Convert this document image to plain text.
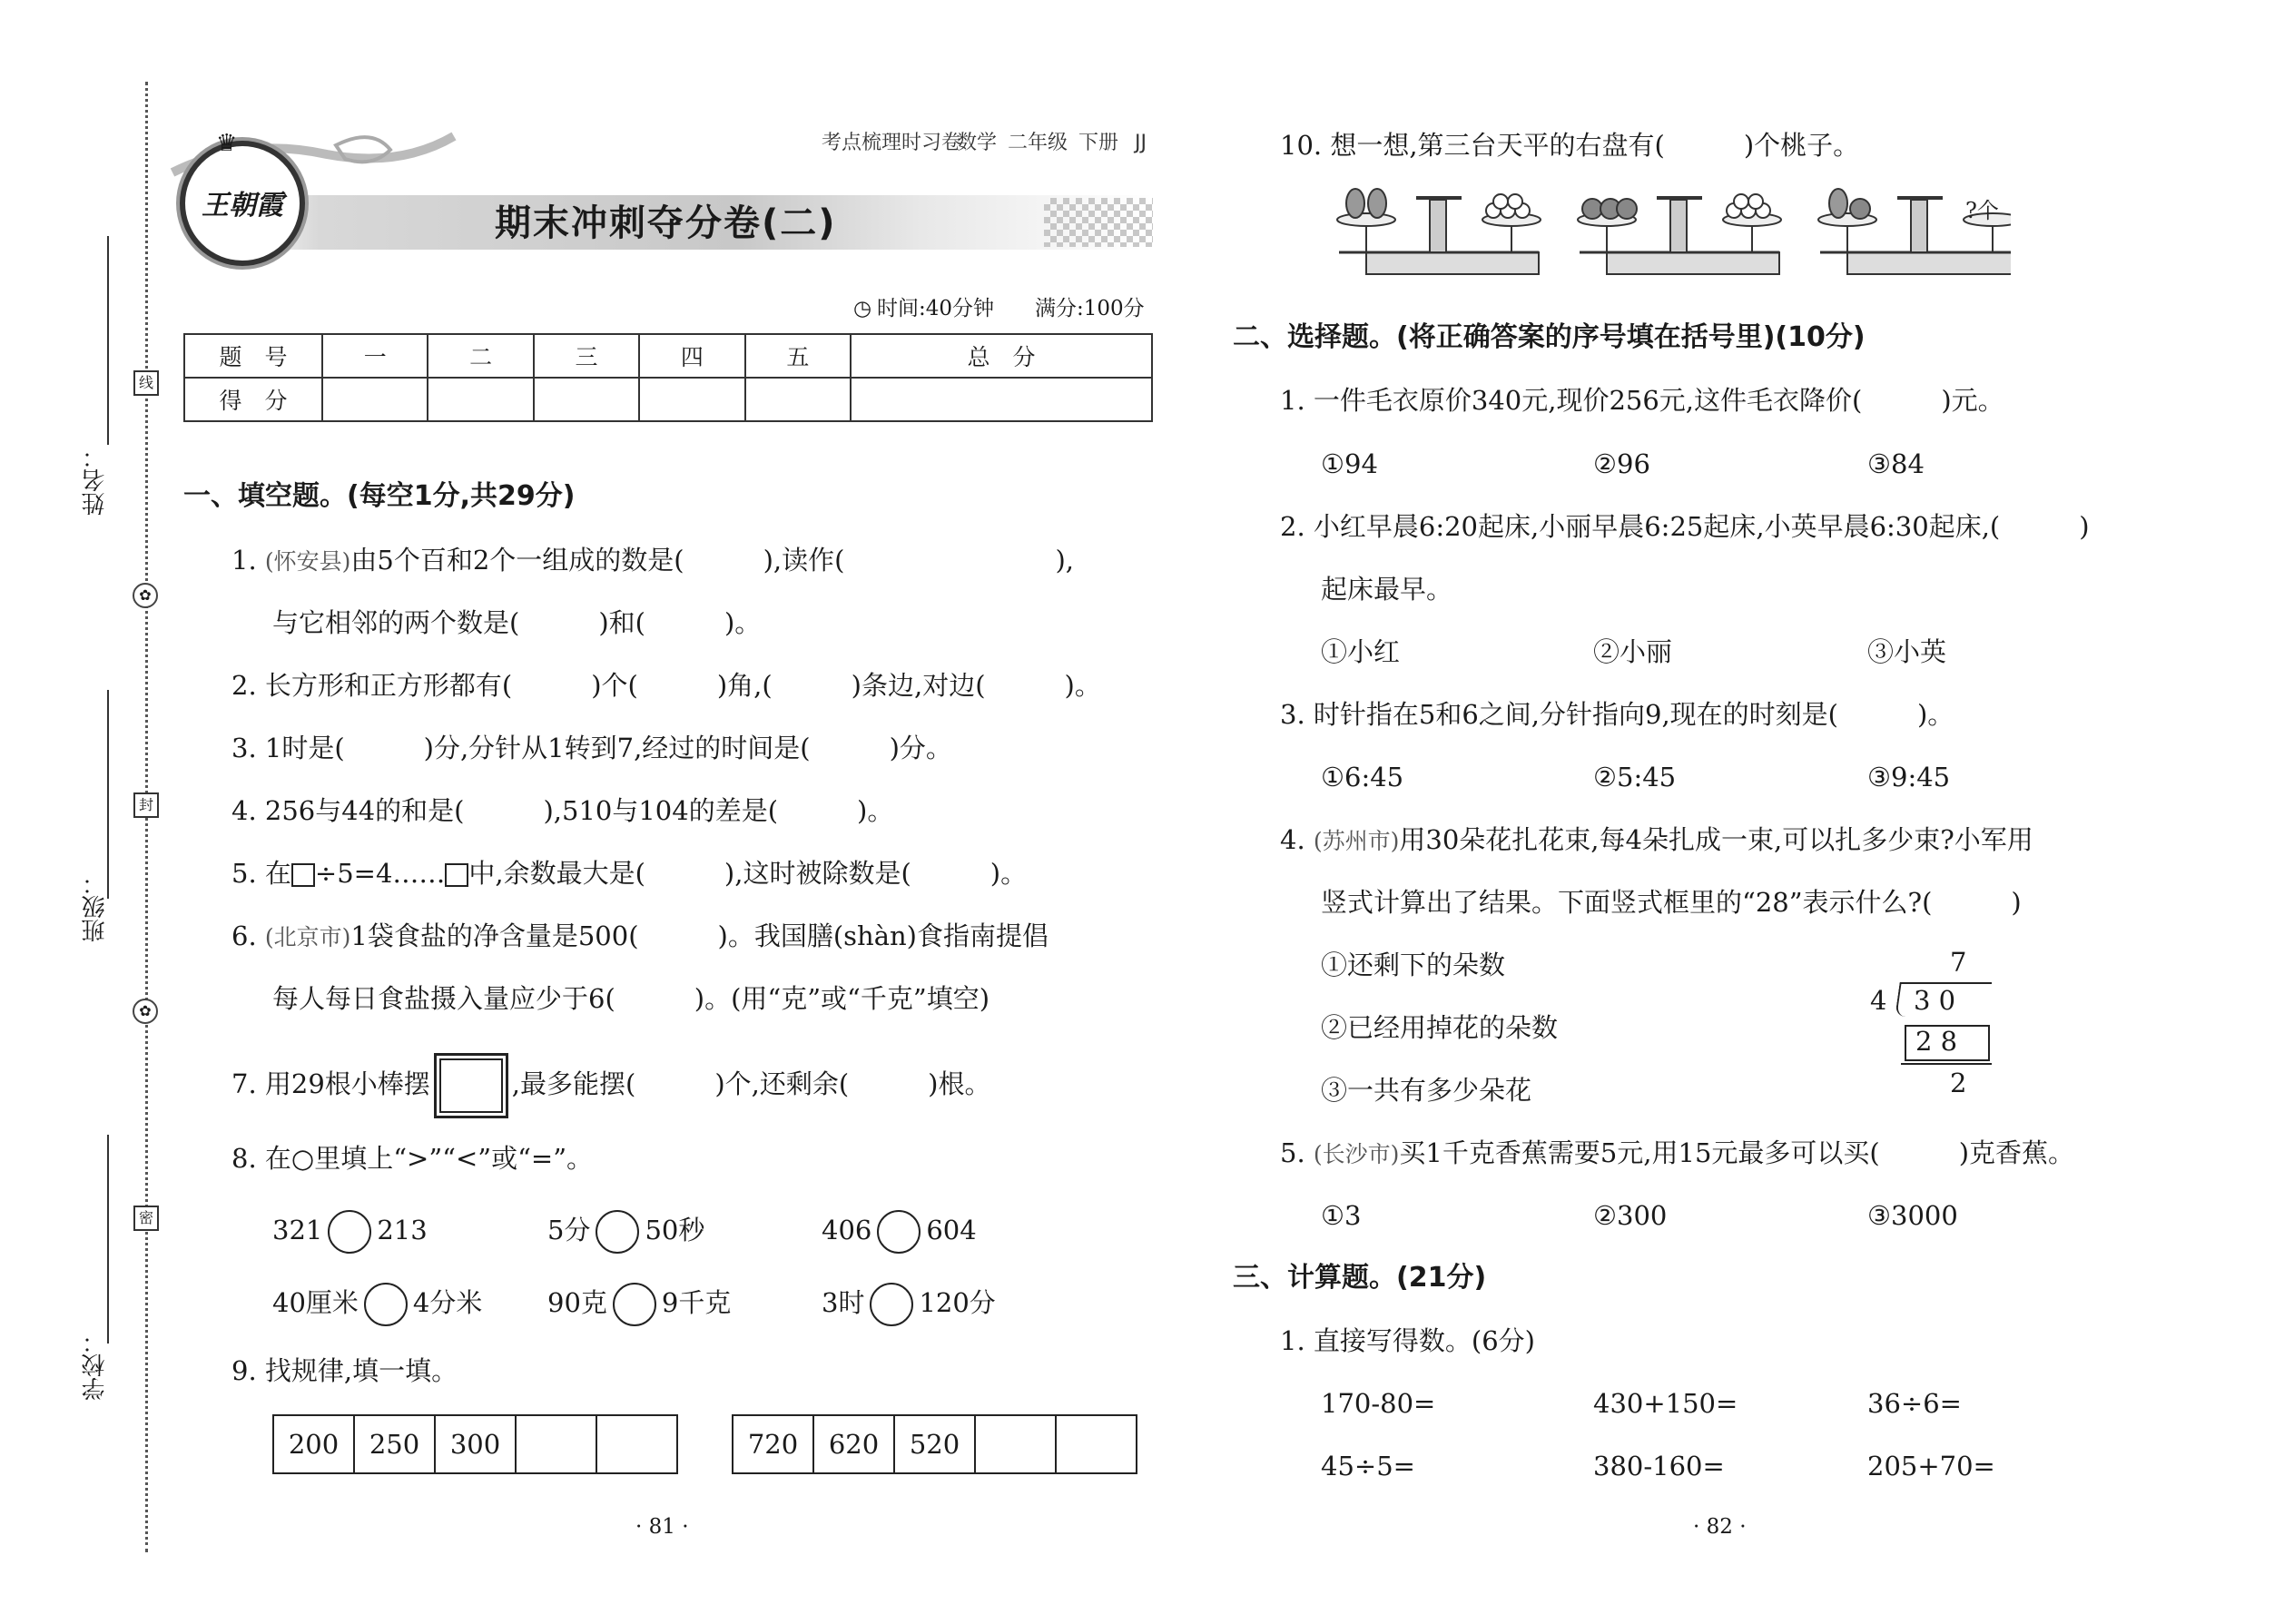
姓名：
班级：
学校：
线
✿
封
✿
密
♛
王朝霞
考点梳理时习卷
数学 二年级 下册 JJ
期末冲刺夺分卷(二)
◷ 时间:40分钟 满分:100分
题　号	一	二	三	四	五	总　分
得　分						
一、填空题。(每空1分,共29分)
1. (怀安县)由5个百和2个一组成的数是(　　　),读作(　　　　　　　　),
与它相邻的两个数是(　　　)和(　　　)。
2. 长方形和正方形都有(　　　)个(　　　)角,(　　　)条边,对边(　　　)。
3. 1时是(　　　)分,分针从1转到7,经过的时间是(　　　)分。
4. 256与44的和是(　　　),510与104的差是(　　　)。
5. 在 ÷5=4…… 中,余数最大是(　　　),这时被除数是(　　　)。
6. (北京市)1袋食盐的净含量是500(　　　)。我国膳(shàn)食指南提倡
每人每日食盐摄入量应少于6(　　　)。(用“克”或“千克”填空)
7. 用29根小棒摆	,最多能摆(　　　)个,还剩余(　　　)根。
8. 在○里填上“>”“<”或“=”。
321 213	5分 50秒	406 604
40厘米 4分米 90克 9千克	3时 120分
9. 找规律,填一填。
200	250	300			720	620	520		
· 81 ·
10. 想一想,第三台天平的右盘有(　　　)个桃子。
?个
二、选择题。(将正确答案的序号填在括号里)(10分)
1. 一件毛衣原价340元,现价256元,这件毛衣降价(　　　)元。
①94	②96	③84
2. 小红早晨6:20起床,小丽早晨6:25起床,小英早晨6:30起床,(　　　)
起床最早。
①小红	②小丽	③小英
3. 时针指在5和6之间,分针指向9,现在的时刻是(　　　)。
①6:45	②5:45	③9:45
4. (苏州市)用30朵花扎花束,每4朵扎成一束,可以扎多少束?小军用
竖式计算出了结果。下面竖式框里的“28”表示什么?(　　　)
①还剩下的朵数
②已经用掉花的朵数
③一共有多少朵花
7
4 3 0
2 8
2
5. (长沙市)买1千克香蕉需要5元,用15元最多可以买(　　　)克香蕉。
①3	②300	③3000
三、计算题。(21分)
1. 直接写得数。(6分)
170-80=	430+150=	36÷6=
45÷5=	380-160=	205+70=
· 82 ·
